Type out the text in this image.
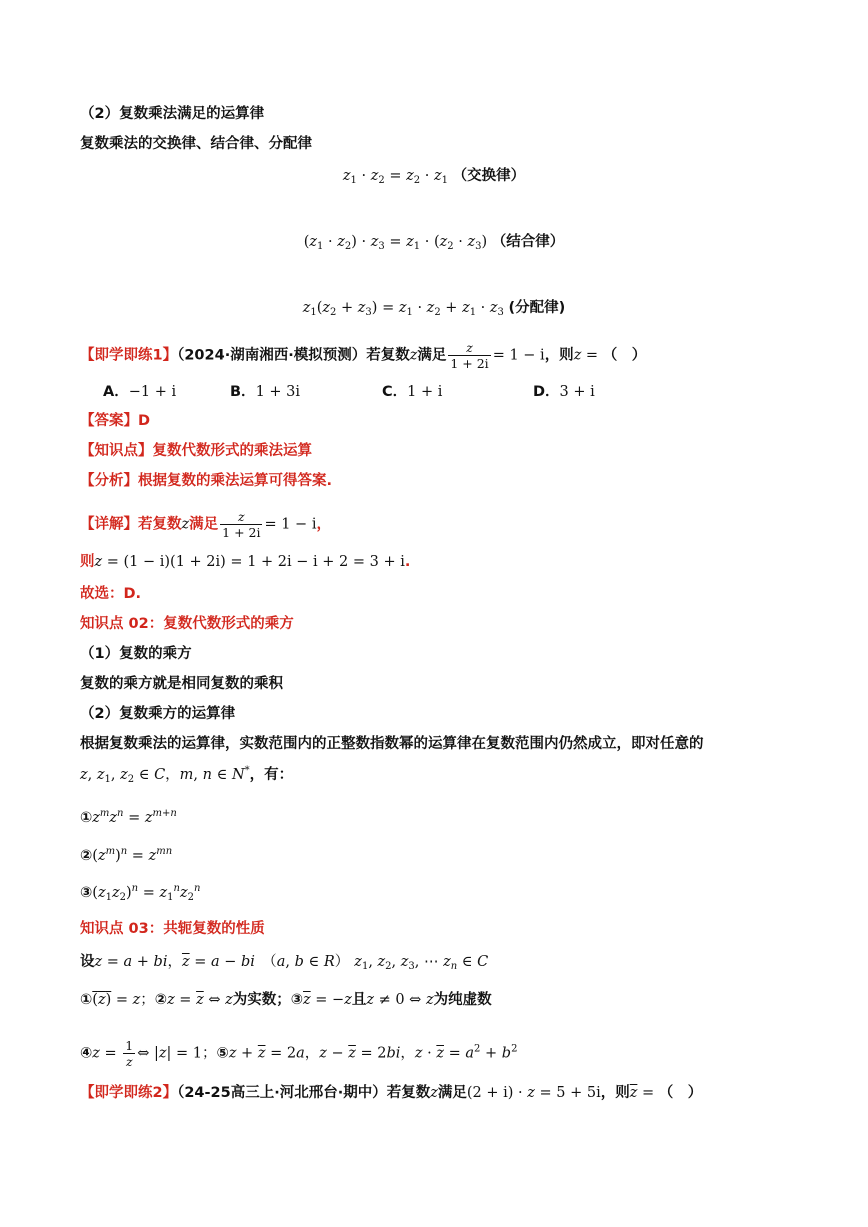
（2）复数乘法满足的运算律
复数乘法的交换律、结合律、分配律
$z_1 \cdot z_2 = z_2 \cdot z_1$ （交换律）
$(z_1 \cdot z_2) \cdot z_3 = z_1 \cdot (z_2 \cdot z_3)$ （结合律）
$z_1(z_2 + z_3) = z_1 \cdot z_2 + z_1 \cdot z_3$ (分配律)
【即学即练1】（2024·湖南湘西·模拟预测）若复数z满足 $\frac{z}{1 + 2i} = 1 - i$，则z = （　）
A．−1 + i	B．1 + 3i	C．1 + i	D．3 + i
【答案】D
【知识点】复数代数形式的乘法运算
【分析】根据复数的乘法运算可得答案.
【详解】若复数z满足 $\frac{z}{1 + 2i} = 1 - i$，
则z = (1 − i)(1 + 2i) = 1 + 2i − i + 2 = 3 + i.
故选：D.
知识点 02：复数代数形式的乘方
（1）复数的乘方
复数的乘方就是相同复数的乘积
（2）复数乘方的运算律
根据复数乘法的运算律，实数范围内的正整数指数幂的运算律在复数范围内仍然成立，即对任意的
z, $z_1$, $z_2$ ∈ C，m, n ∈ N*，有：
$①z^mz^n = z^{m+n}$
$②(z^m)^n = z^{mn}$
$③(z_1z_2)^n = z_1^nz_2^n$
知识点 03：共轭复数的性质
设z = a + bi，$\overline{z} = a$ − bi　（a, b ∈ R） $z_1$, $z_2$, $z_3$, ⋯ $z_n$ ∈ C
①(z) = z；②z = $\overline{z}$ ⇔ z为实数；$③\overline{z} = -z$且z ≠ 0 ⇔ z为纯虚数
④z = $\frac{1}{z}$ ⇔ |z| = 1；⑤z + $\overline{z} = 2a$，$z - \overline{z} = 2bi$，$z \cdot \overline{z} = a^2 + b^2$
【即学即练2】（24-25高三上·河北邢台·期中）若复数z满足(2 + i) · z = 5 + 5i，则$\overline{z}$ = （　）
